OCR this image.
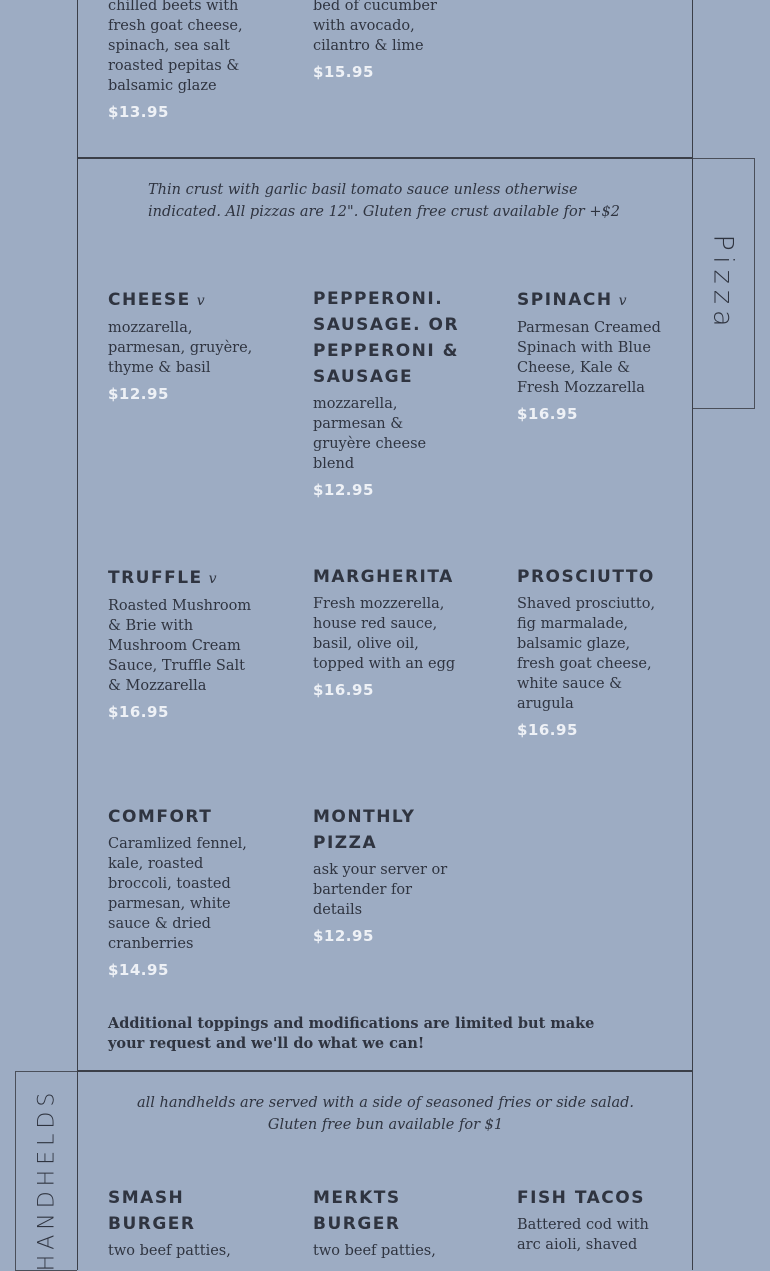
chilled beets with fresh goat cheese, spinach, sea salt roasted pepitas & balsamic glaze
$13.95
bed of cucumber with avocado, cilantro & lime
$15.95
Pizza
Thin crust with garlic basil tomato sauce unless otherwise indicated. All pizzas are 12". Gluten free crust available for +$2
CHEESE v
mozzarella, parmesan, gruyère, thyme & basil
$12.95
PEPPERONI. SAUSAGE. OR PEPPERONI & SAUSAGE
mozzarella, parmesan & gruyère cheese blend
$12.95
SPINACH v
Parmesan Creamed Spinach with Blue Cheese, Kale & Fresh Mozzarella
$16.95
TRUFFLE v
Roasted Mushroom & Brie with Mushroom Cream Sauce, Truffle Salt & Mozzarella
$16.95
MARGHERITA
Fresh mozzerella, house red sauce, basil, olive oil, topped with an egg
$16.95
PROSCIUTTO
Shaved prosciutto, fig marmalade, balsamic glaze, fresh goat cheese, white sauce & arugula
$16.95
COMFORT
Caramlized fennel, kale, roasted broccoli, toasted parmesan, white sauce & dried cranberries
$14.95
MONTHLY PIZZA
ask your server or bartender for details
$12.95
Additional toppings and modifications are limited but make your request and we'll do what we can!
HANDHELDS	all handhelds are served with a side of seasoned fries or side salad.
Gluten free bun available for $1
SMASH BURGER
two beef patties,
MERKTS BURGER
two beef patties,
FISH TACOS
Battered cod with arc aioli, shaved
